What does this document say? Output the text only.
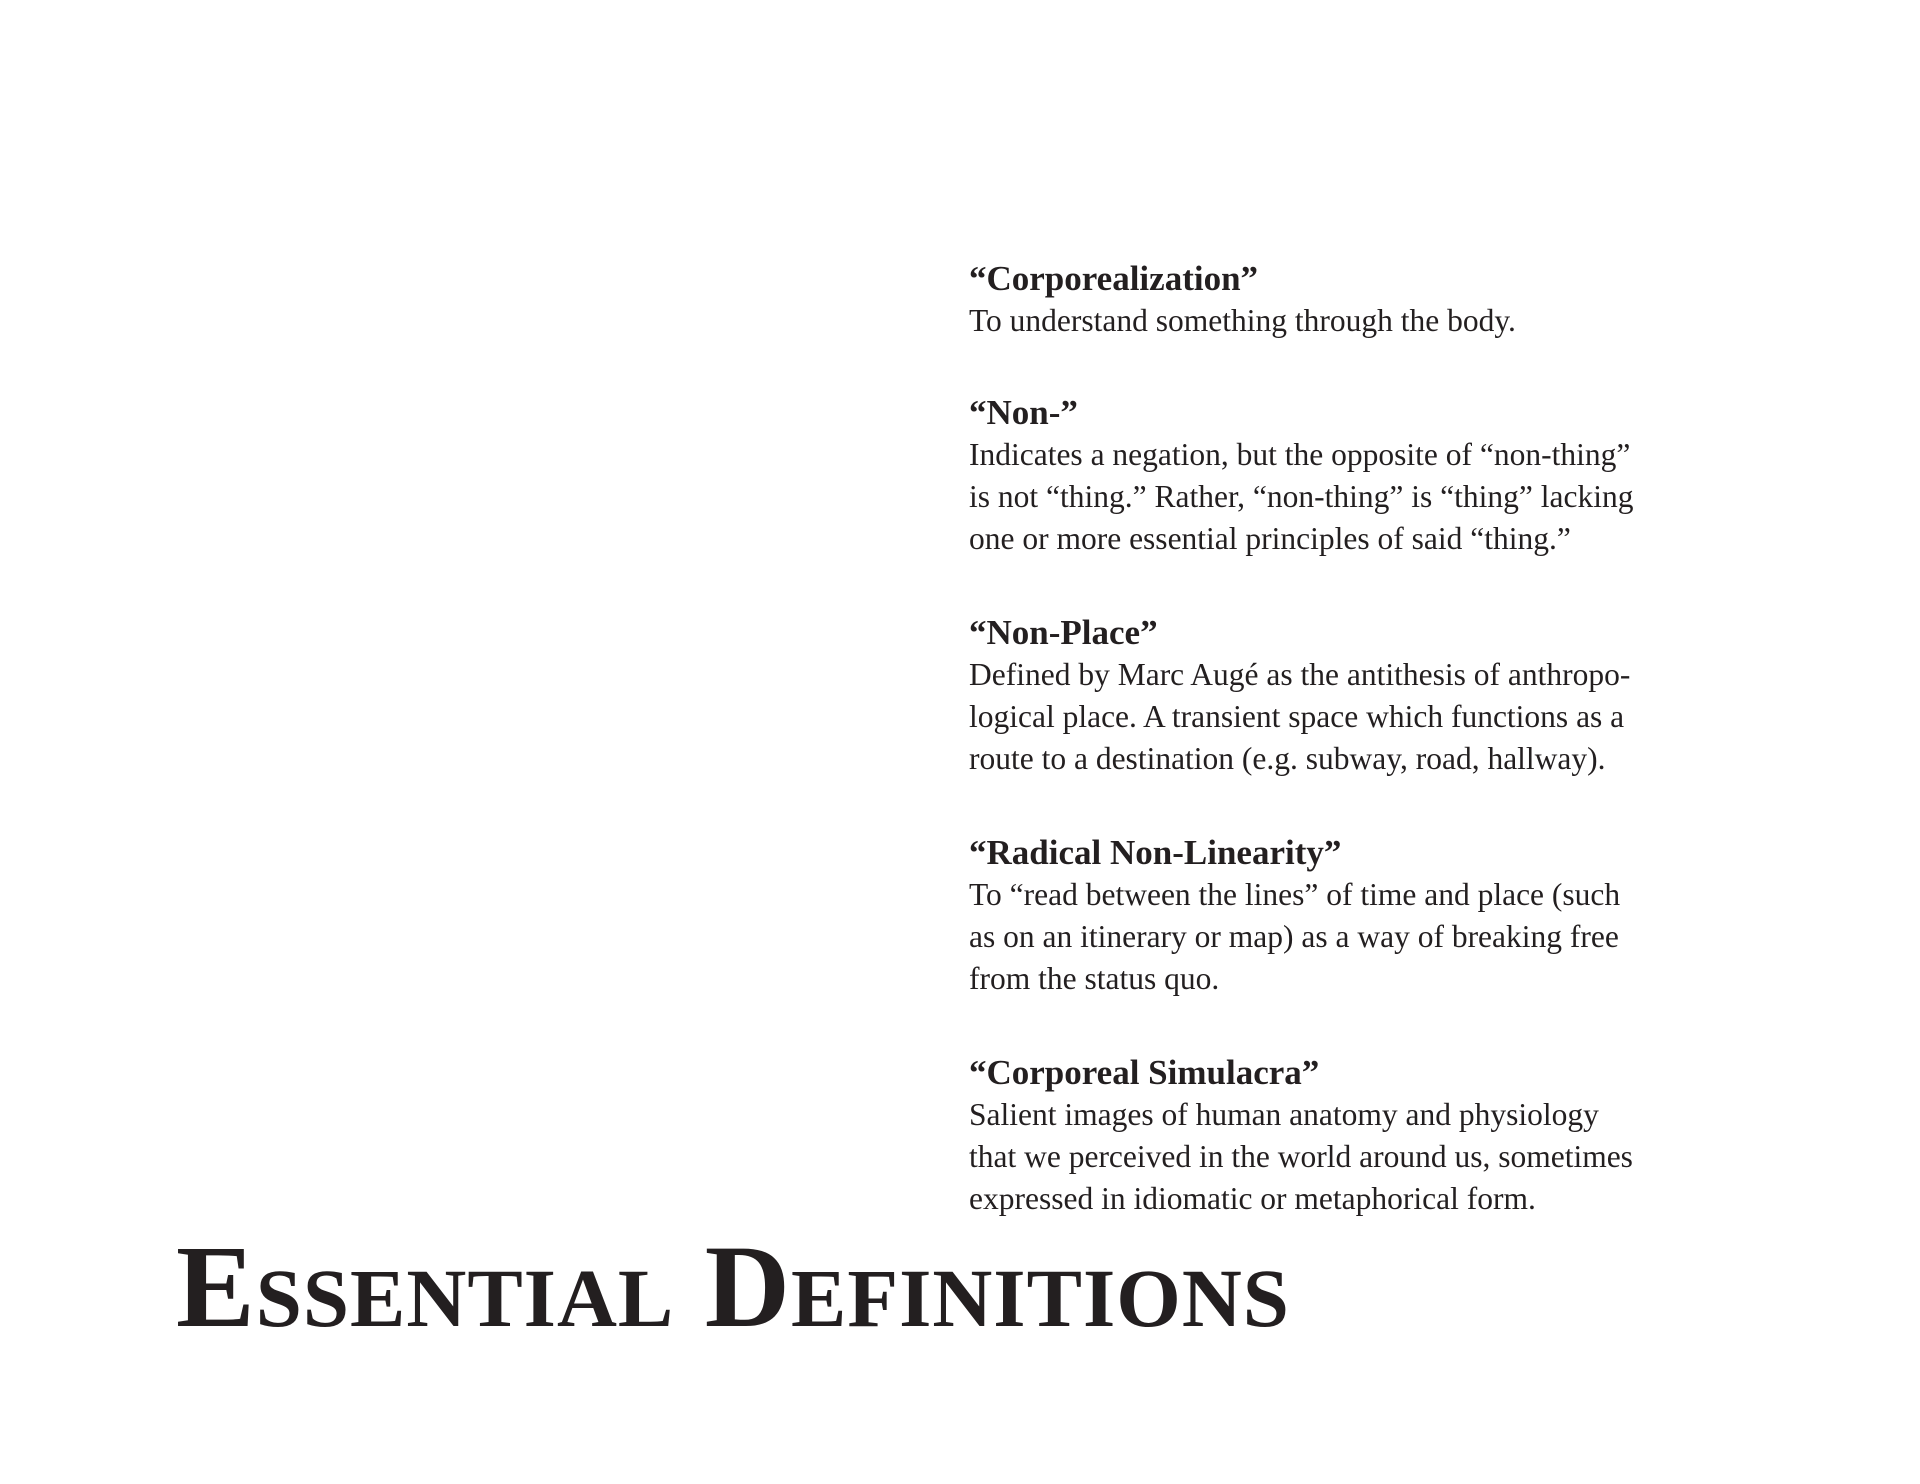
“Corporealization”

To understand something through the body.

“Non-”

Indicates a negation, but the opposite of “non-thing”
is not “thing.” Rather, “non-thing” is “thing” lacking
one or more essential principles of said “thing.”

“Non-Place”

Defined by Marc Augé as the antithesis of anthropo-
logical place. A transient space which functions as a
route to a destination (e.g. subway, road, hallway).

“Radical Non-Linearity”

To “read between the lines” of time and place (such
as on an itinerary or map) as a way of breaking free
from the status quo.

“Corporeal Simulacra”

Salient images of human anatomy and physiology
that we perceived in the world around us, sometimes
expressed in idiomatic or metaphorical form.

Essential Definitions
